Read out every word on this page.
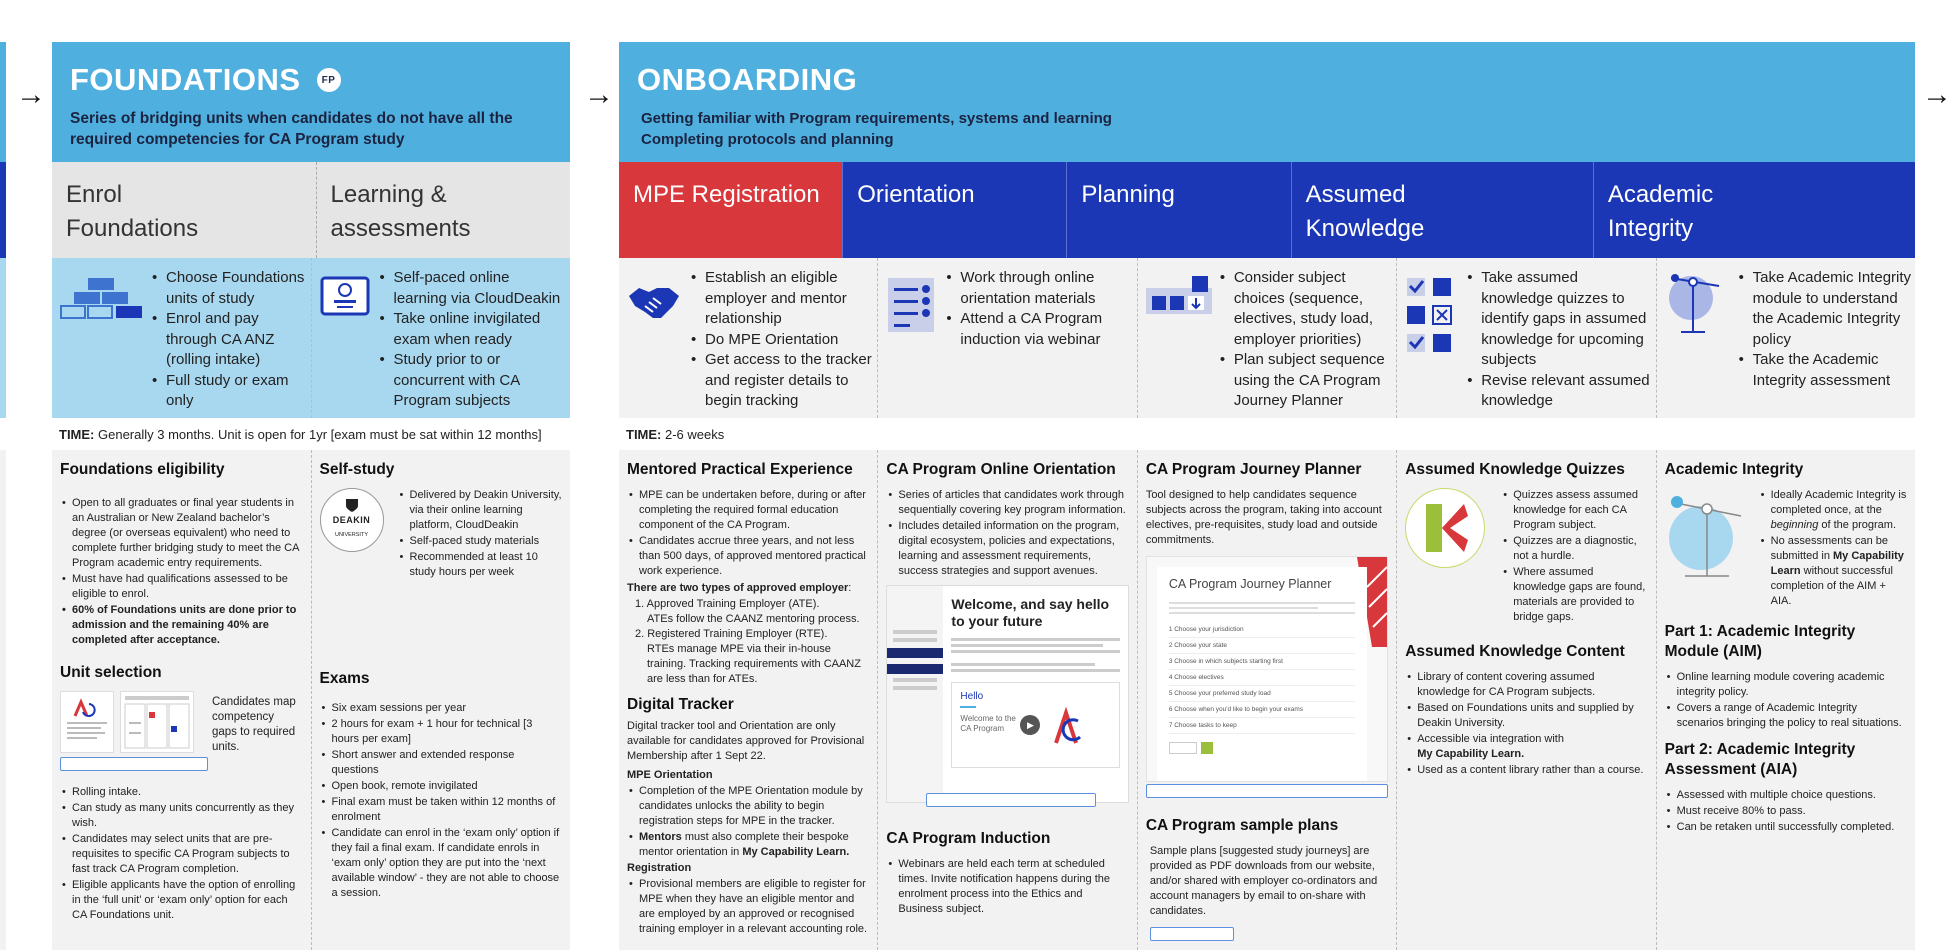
→	→	→
FOUNDATIONS	FP
Series of bridging units when candidates do not have all the
required competencies for CA Program study
Enrol Foundations
Learning & assessments
• Choose Foundations units of study
• Enrol and pay through CA ANZ (rolling intake)
• Full study or exam only
• Self-paced online learning via CloudDeakin
• Take online invigilated exam when ready
• Study prior to or concurrent with CA Program subjects
TIME: Generally 3 months. Unit is open for 1yr [exam must be sat within 12 months]
Foundations eligibility
• Open to all graduates or final year students in an Australian or New Zealand bachelor’s degree (or overseas equivalent) who need to complete further bridging study to meet the CA Program academic entry requirements.
• Must have had qualifications assessed to be eligible to enrol.
• 60% of Foundations units are done prior to admission and the remaining 40% are completed after acceptance.
Unit selection
Candidates map competency gaps to required units.
• Rolling intake.
• Can study as many units concurrently as they wish.
• Candidates may select units that are pre-requisites to specific CA Program subjects to fast track CA Program completion.
• Eligible applicants have the option of enrolling in the ‘full unit’ or ‘exam only’ option for each CA Foundations unit.
Self-study
DEAKIN
UNIVERSITY
• Delivered by Deakin University, via their online learning platform, CloudDeakin
• Self-paced study materials
• Recommended at least 10 study hours per week
Exams
• Six exam sessions per year
• 2 hours for exam + 1 hour for technical [3 hours per exam]
• Short answer and extended response questions
• Open book, remote invigilated
• Final exam must be taken within 12 months of enrolment
• Candidate can enrol in the ‘exam only’ option if they fail a final exam. If candidate enrols in ‘exam only’ option they are put into the ‘next available window’ - they are not able to choose a session.
ONBOARDING
Getting familiar with Program requirements, systems and learning
Completing protocols and planning
MPE Registration	Orientation	Planning	Assumed Knowledge
Academic Integrity
• Establish an eligible employer and mentor relationship
• Do MPE Orientation
• Get access to the tracker and register details to begin tracking
• Work through online orientation materials
• Attend a CA Program induction via webinar
• Consider subject choices (sequence, electives, study load, employer priorities)
• Plan subject sequence using the CA Program Journey Planner
• Take assumed knowledge quizzes to identify gaps in assumed knowledge for upcoming subjects
• Revise relevant assumed knowledge
• Take Academic Integrity module to understand the Academic Integrity policy
• Take the Academic Integrity assessment
TIME: 2-6 weeks
Mentored Practical Experience
• MPE can be undertaken before, during or after completing the required formal education component of the CA Program.
• Candidates accrue three years, and not less than 500 days, of approved mentored practical work experience.

There are two types of approved employer:

1. Approved Training Employer (ATE).
ATEs follow the CAANZ mentoring process.
2. Registered Training Employer (RTE).
RTEs manage MPE via their in-house training. Tracking requirements with CAANZ are less than for ATEs.
Digital Tracker

Digital tracker tool and Orientation are only available for candidates approved for Provisional Membership after 1 Sept 22.

MPE Orientation

• Completion of the MPE Orientation module by candidates unlocks the ability to begin registration steps for MPE in the tracker.
• Mentors must also complete their bespoke mentor orientation in My Capability Learn.

Registration

• Provisional members are eligible to register for MPE when they have an eligible mentor and are employed by an approved or recognised training employer in a relevant accounting role.
CA Program Online Orientation
• Series of articles that candidates work through sequentially covering key program information.
• Includes detailed information on the program, digital ecosystem, policies and expectations, learning and assessment requirements, success strategies and support avenues.
Welcome, and say hello to your future
Hello
Welcome to the CA Program	▶
CA Program Induction
• Webinars are held each term at scheduled times. Invite notification happens during the enrolment process into the Ethics and Business subject.
CA Program Journey Planner

Tool designed to help candidates sequence subjects across the program, taking into account electives, pre-requisites, study load and outside commitments.

CA Program Journey Planner
1 Choose your jurisdiction
2 Choose your state
3 Choose in which subjects starting first
4 Choose electives
5 Choose your preferred study load
6 Choose when you'd like to begin your exams
7 Choose tasks to keep
CA Program sample plans

Sample plans [suggested study journeys] are provided as PDF downloads from our website, and/or shared with employer co-ordinators and account managers by email to on-share with candidates.

Assumed Knowledge Quizzes
• Quizzes assess assumed knowledge for each CA Program subject.
• Quizzes are a diagnostic, not a hurdle.
• Where assumed knowledge gaps are found, materials are provided to bridge gaps.
Assumed Knowledge Content
• Library of content covering assumed knowledge for CA Program subjects.
• Based on Foundations units and supplied by Deakin University.
• Accessible via integration with
My Capability Learn.
• Used as a content library rather than a course.
Academic Integrity
• Ideally Academic Integrity is completed once, at the beginning of the program.
• No assessments can be submitted in My Capability Learn without successful completion of the AIM + AIA.
Part 1: Academic Integrity Module (AIM)
• Online learning module covering academic integrity policy.
• Covers a range of Academic Integrity scenarios bringing the policy to real situations.
Part 2: Academic Integrity Assessment (AIA)
• Assessed with multiple choice questions.
• Must receive 80% to pass.
• Can be retaken until successfully completed.
